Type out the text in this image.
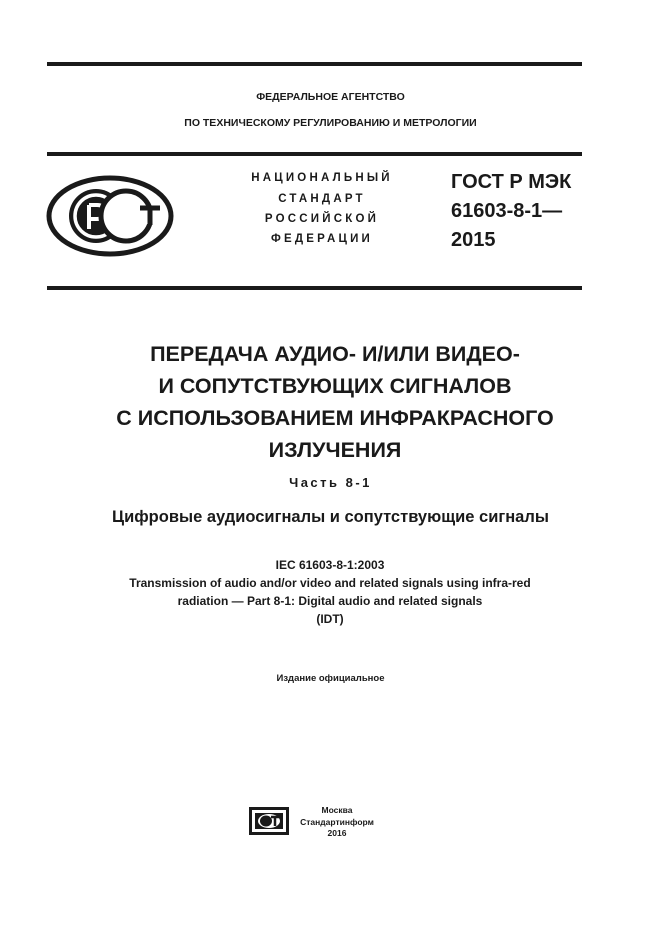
ФЕДЕРАЛЬНОЕ АГЕНТСТВО
ПО ТЕХНИЧЕСКОМУ РЕГУЛИРОВАНИЮ И МЕТРОЛОГИИ
НАЦИОНАЛЬНЫЙ
СТАНДАРТ
РОССИЙСКОЙ
ФЕДЕРАЦИИ
ГОСТ Р МЭК
61603-8-1—
2015
ПЕРЕДАЧА АУДИО- И/ИЛИ ВИДЕО-
И СОПУТСТВУЮЩИХ СИГНАЛОВ
С ИСПОЛЬЗОВАНИЕМ ИНФРАКРАСНОГО
ИЗЛУЧЕНИЯ
Часть 8-1
Цифровые аудиосигналы и сопутствующие сигналы
IEC 61603-8-1:2003
Transmission of audio and/or video and related signals using infra-red
radiation — Part 8-1: Digital audio and related signals
(IDT)
Издание официальное
Москва
Стандартинформ
2016
